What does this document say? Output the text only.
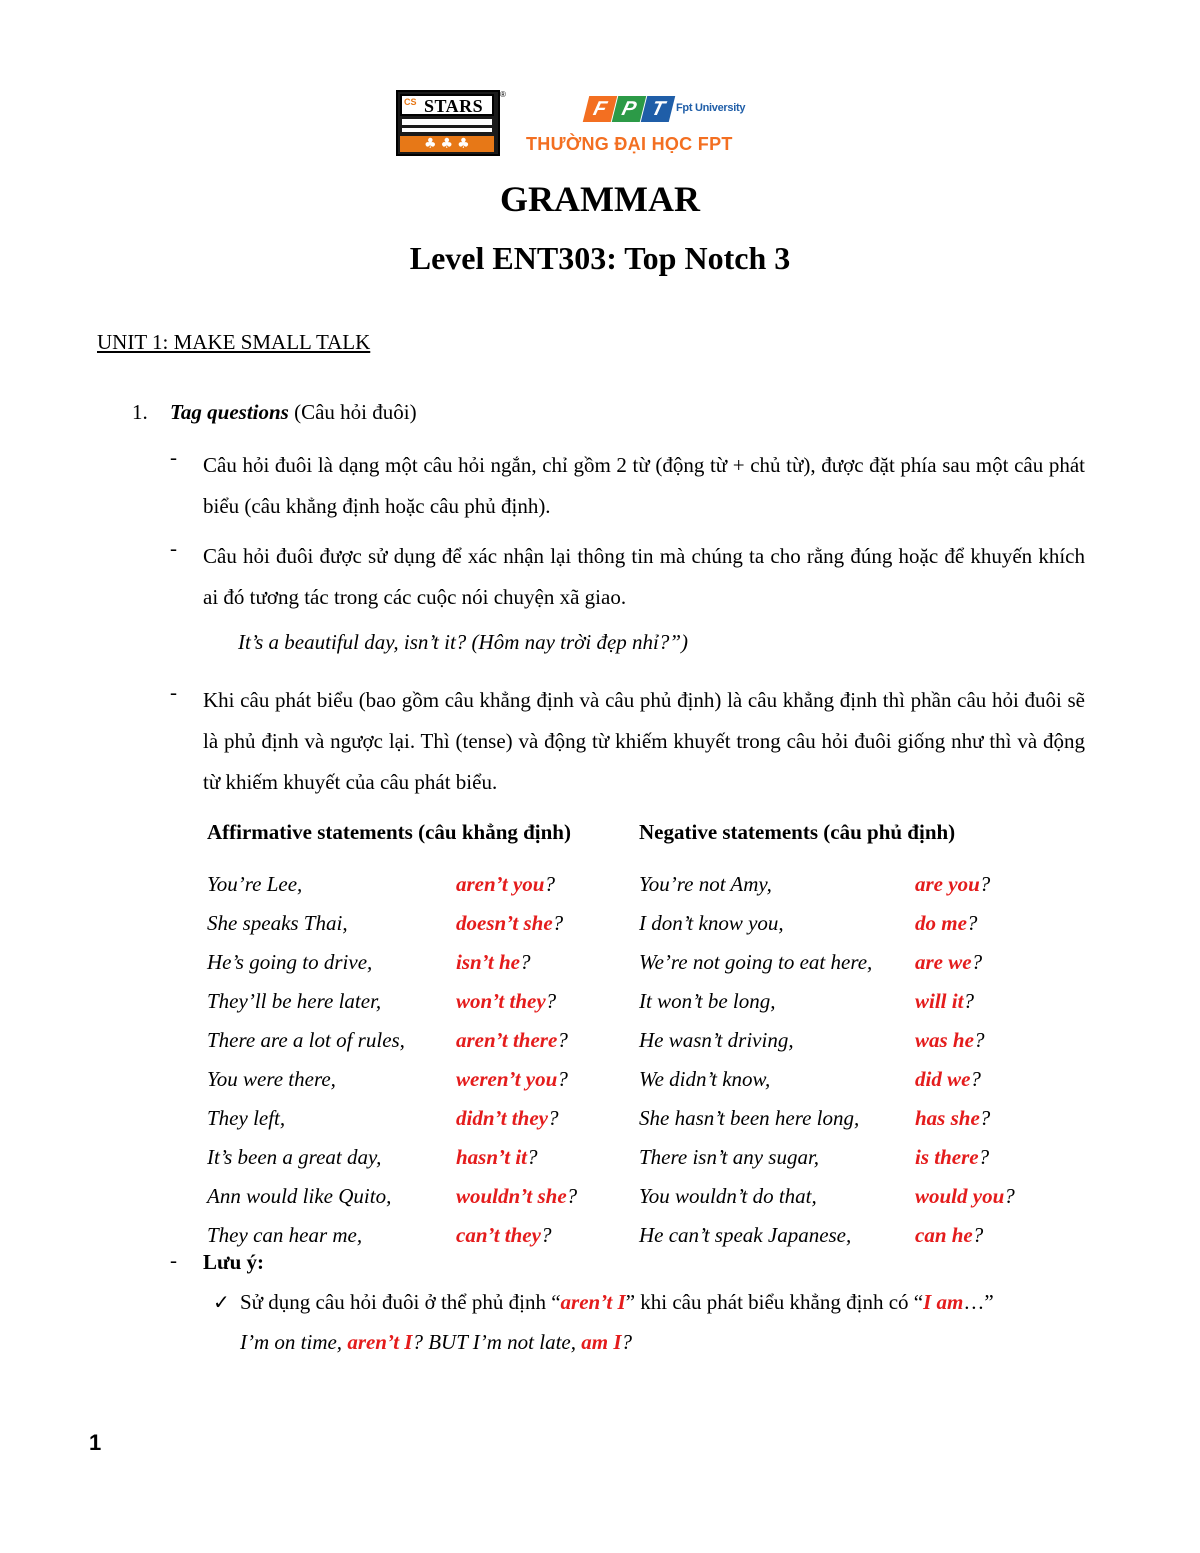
CS STARS
♣♣♣
®
F P T Fpt University
THƯỜNG ĐẠI HỌC FPT
GRAMMAR
Level ENT303: Top Notch 3
UNIT 1: MAKE SMALL TALK
1. Tag questions (Câu hỏi đuôi)
- Câu hỏi đuôi là dạng một câu hỏi ngắn, chỉ gồm 2 từ (động từ + chủ từ), được đặt phía sau một câu phát biểu (câu khẳng định hoặc câu phủ định).
- Câu hỏi đuôi được sử dụng để xác nhận lại thông tin mà chúng ta cho rằng đúng hoặc để khuyến khích ai đó tương tác trong các cuộc nói chuyện xã giao.
It’s a beautiful day, isn’t it? (Hôm nay trời đẹp nhỉ?”)
- Khi câu phát biểu (bao gồm câu khẳng định và câu phủ định) là câu khẳng định thì phần câu hỏi đuôi sẽ là phủ định và ngược lại. Thì (tense) và động từ khiếm khuyết trong câu hỏi đuôi giống như thì và động từ khiếm khuyết của câu phát biểu.
Affirmative statements (câu khẳng định)	Negative statements (câu phủ định)
You’re Lee,	aren’t you?	You’re not Amy,	are you?
She speaks Thai,	doesn’t she?	I don’t know you,	do me?
He’s going to drive,	isn’t he?	We’re not going to eat here, are we?
They’ll be here later,	won’t they?	It won’t be long,	will it?
There are a lot of rules, aren’t there?	He wasn’t driving,	was he?
You were there,	weren’t you?	We didn’t know,	did we?
They left,	didn’t they?	She hasn’t been here long,	has she?
It’s been a great day,	hasn’t it?	There isn’t any sugar,	is there?
Ann would like Quito,	wouldn’t she?	You wouldn’t do that,	would you?
They can hear me,	can’t they?	He can’t speak Japanese,	can he?
- Lưu ý:
✓ Sử dụng câu hỏi đuôi ở thể phủ định “aren’t I” khi câu phát biểu khẳng định có “I am…”
I’m on time, aren’t I? BUT I’m not late, am I?
1
